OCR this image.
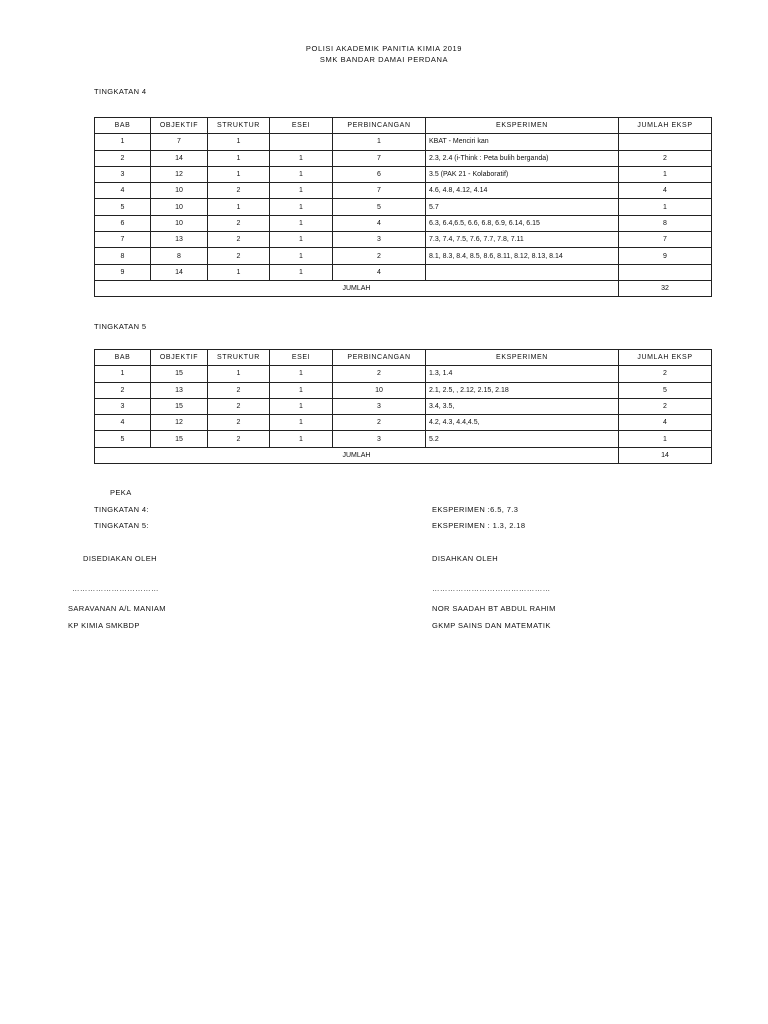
POLISI AKADEMIK PANITIA KIMIA 2019
SMK BANDAR DAMAI PERDANA
TINGKATAN 4
BAB	OBJEKTIF	STRUKTUR	ESEI	PERBINCANGAN	EKSPERIMEN	JUMLAH EKSP
1	7	1		1	KBAT - Menciri kan	
2	14	1	1	7	2.3, 2.4 (i-Think : Peta bulih berganda)	2
3	12	1	1	6	3.5 (PAK 21 - Kolaboratif)	1
4	10	2	1	7	4.6, 4.8, 4.12, 4.14	4
5	10	1	1	5	5.7	1
6	10	2	1	4	6.3, 6.4,6.5, 6.6, 6.8, 6.9, 6.14, 6.15	8
7	13	2	1	3	7.3, 7.4, 7.5, 7.6, 7.7, 7.8, 7.11	7
8	8	2	1	2	8.1, 8.3, 8.4, 8.5, 8.6, 8.11, 8.12, 8.13, 8.14	9
9	14	1	1	4		
JUMLAH						32
TINGKATAN 5
BAB	OBJEKTIF	STRUKTUR	ESEI	PERBINCANGAN	EKSPERIMEN	JUMLAH EKSP
1	15	1	1	2	1.3, 1.4	2
2	13	2	1	10	2.1, 2.5, , 2.12, 2.15, 2.18	5
3	15	2	1	3	3.4, 3.5,	2
4	12	2	1	2	4.2, 4.3, 4.4,4.5,	4
5	15	2	1	3	5.2	1
JUMLAH						14
PEKA
TINGKATAN 4:	EKSPERIMEN :6.5, 7.3
TINGKATAN 5:	EKSPERIMEN : 1.3, 2.18
DISEDIAKAN OLEH	DISAHKAN OLEH
……………………………	………………………………………
SARAVANAN A/L MANIAM	NOR SAADAH BT ABDUL RAHIM
KP KIMIA SMKBDP	GKMP SAINS DAN MATEMATIK
